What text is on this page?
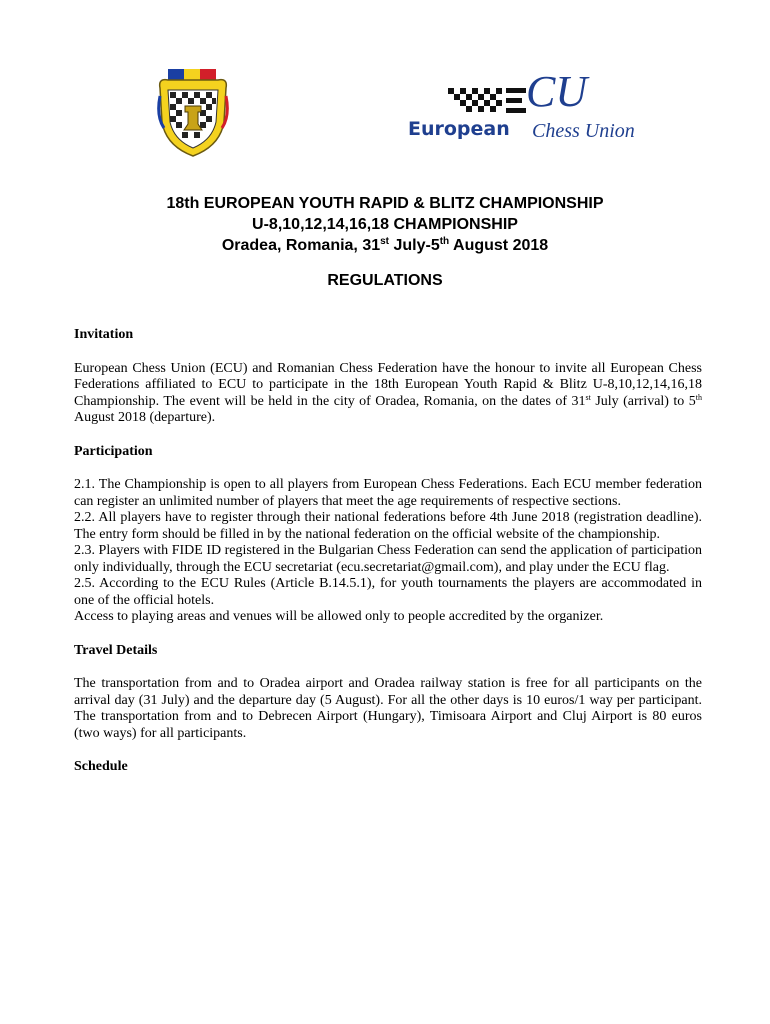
CU
European Chess Union
18th EUROPEAN YOUTH RAPID & BLITZ CHAMPIONSHIP
U-8,10,12,14,16,18 CHAMPIONSHIP
Oradea, Romania, 31st July-5th August 2018
REGULATIONS
Invitation

European Chess Union (ECU) and Romanian Chess Federation have the honour to invite all European Chess Federations affiliated to ECU to participate in the 18th European Youth Rapid & Blitz U-8,10,12,14,16,18 Championship. The event will be held in the city of Oradea, Romania, on the dates of 31st July (arrival) to 5th August 2018 (departure).

Participation

2.1. The Championship is open to all players from European Chess Federations. Each ECU member federation can register an unlimited number of players that meet the age requirements of respective sections.

2.2. All players have to register through their national federations before 4th June 2018 (registration deadline). The entry form should be filled in by the national federation on the official website of the championship.

2.3. Players with FIDE ID registered in the Bulgarian Chess Federation can send the application of participation only individually, through the ECU secretariat (ecu.secretariat@gmail.com), and play under the ECU flag.

2.5. According to the ECU Rules (Article B.14.5.1), for youth tournaments the players are accommodated in one of the official hotels.

Access to playing areas and venues will be allowed only to people accredited by the organizer.

Travel Details

The transportation from and to Oradea airport and Oradea railway station is free for all participants on the arrival day (31 July) and the departure day (5 August). For all the other days is 10 euros/1 way per participant. The transportation from and to Debrecen Airport (Hungary), Timisoara Airport and Cluj Airport is 80 euros (two ways) for all participants.

Schedule
